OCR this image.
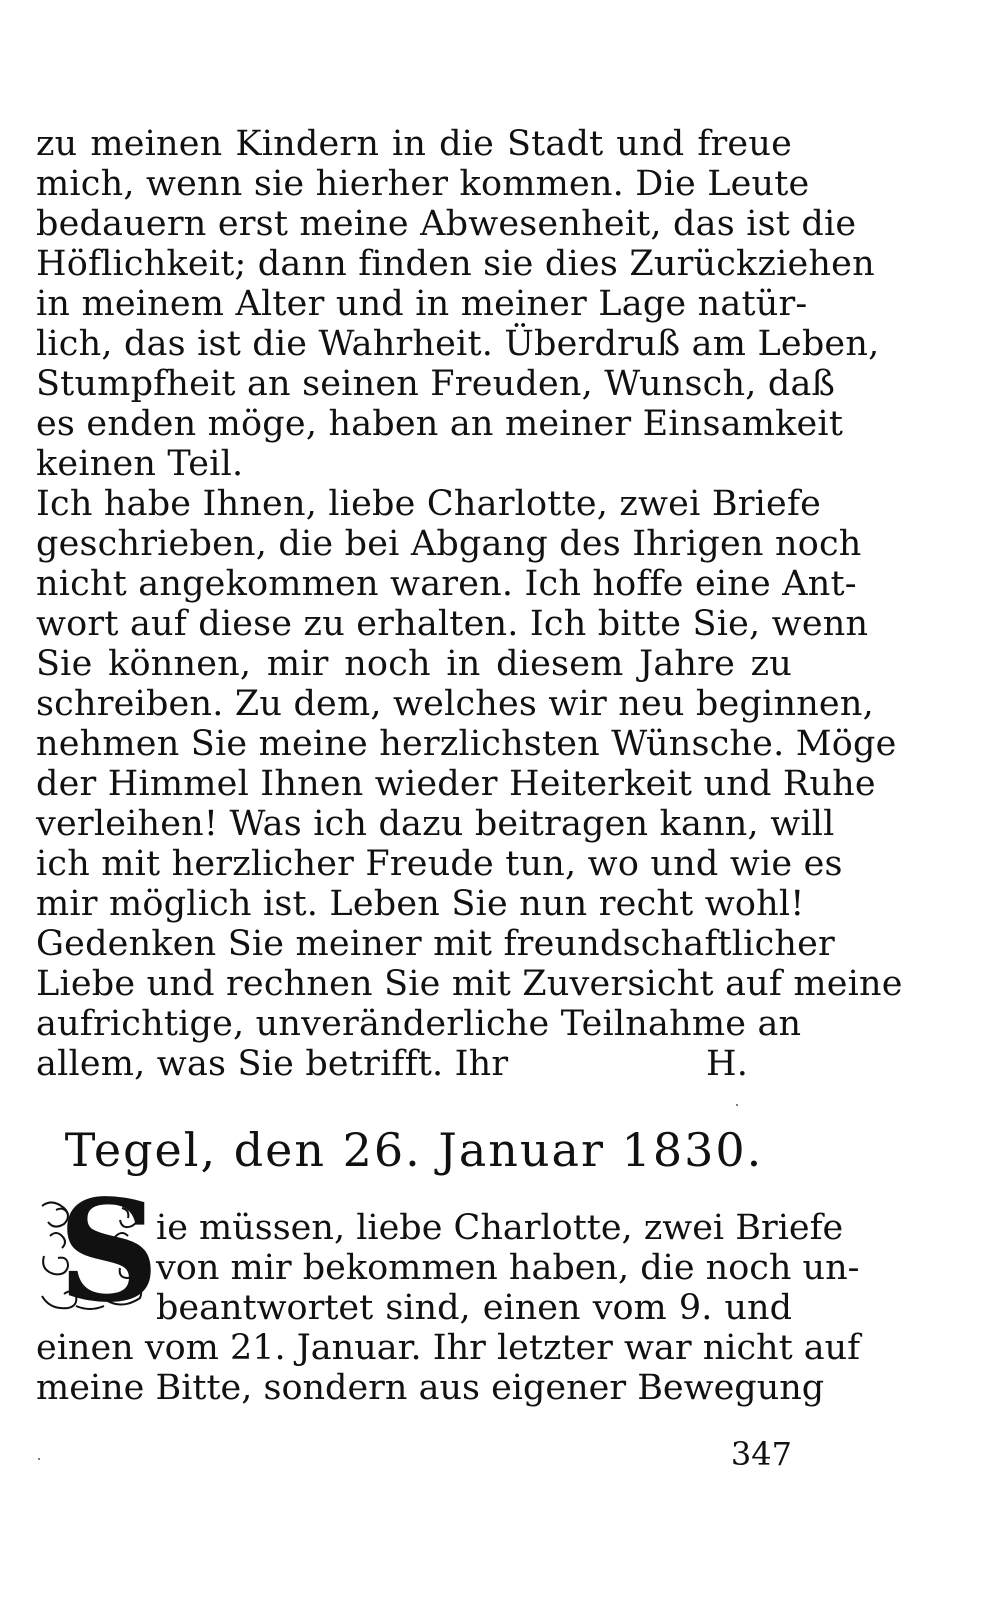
zu meinen Kindern in die Stadt und freue
mich, wenn sie hierher kommen. Die Leute
bedauern erst meine Abwesenheit, das ist die
Höflichkeit; dann finden sie dies Zurückziehen
in meinem Alter und in meiner Lage natür-
lich, das ist die Wahrheit. Überdruß am Leben,
Stumpfheit an seinen Freuden, Wunsch, daß
es enden möge, haben an meiner Einsamkeit
keinen Teil.
Ich habe Ihnen, liebe Charlotte, zwei Briefe
geschrieben, die bei Abgang des Ihrigen noch
nicht angekommen waren. Ich hoffe eine Ant-
wort auf diese zu erhalten. Ich bitte Sie, wenn
Sie können, mir noch in diesem Jahre zu
schreiben. Zu dem, welches wir neu beginnen,
nehmen Sie meine herzlichsten Wünsche. Möge
der Himmel Ihnen wieder Heiterkeit und Ruhe
verleihen! Was ich dazu beitragen kann, will
ich mit herzlicher Freude tun, wo und wie es
mir möglich ist. Leben Sie nun recht wohl!
Gedenken Sie meiner mit freundschaftlicher
Liebe und rechnen Sie mit Zuversicht auf meine
aufrichtige, unveränderliche Teilnahme an
allem, was Sie betrifft. Ihr	H.
Tegel, den 26. Januar 1830.
S
ie müssen, liebe Charlotte, zwei Briefe
von mir bekommen haben, die noch un-
beantwortet sind, einen vom 9. und
einen vom 21. Januar. Ihr letzter war nicht auf
meine Bitte, sondern aus eigener Bewegung
347
